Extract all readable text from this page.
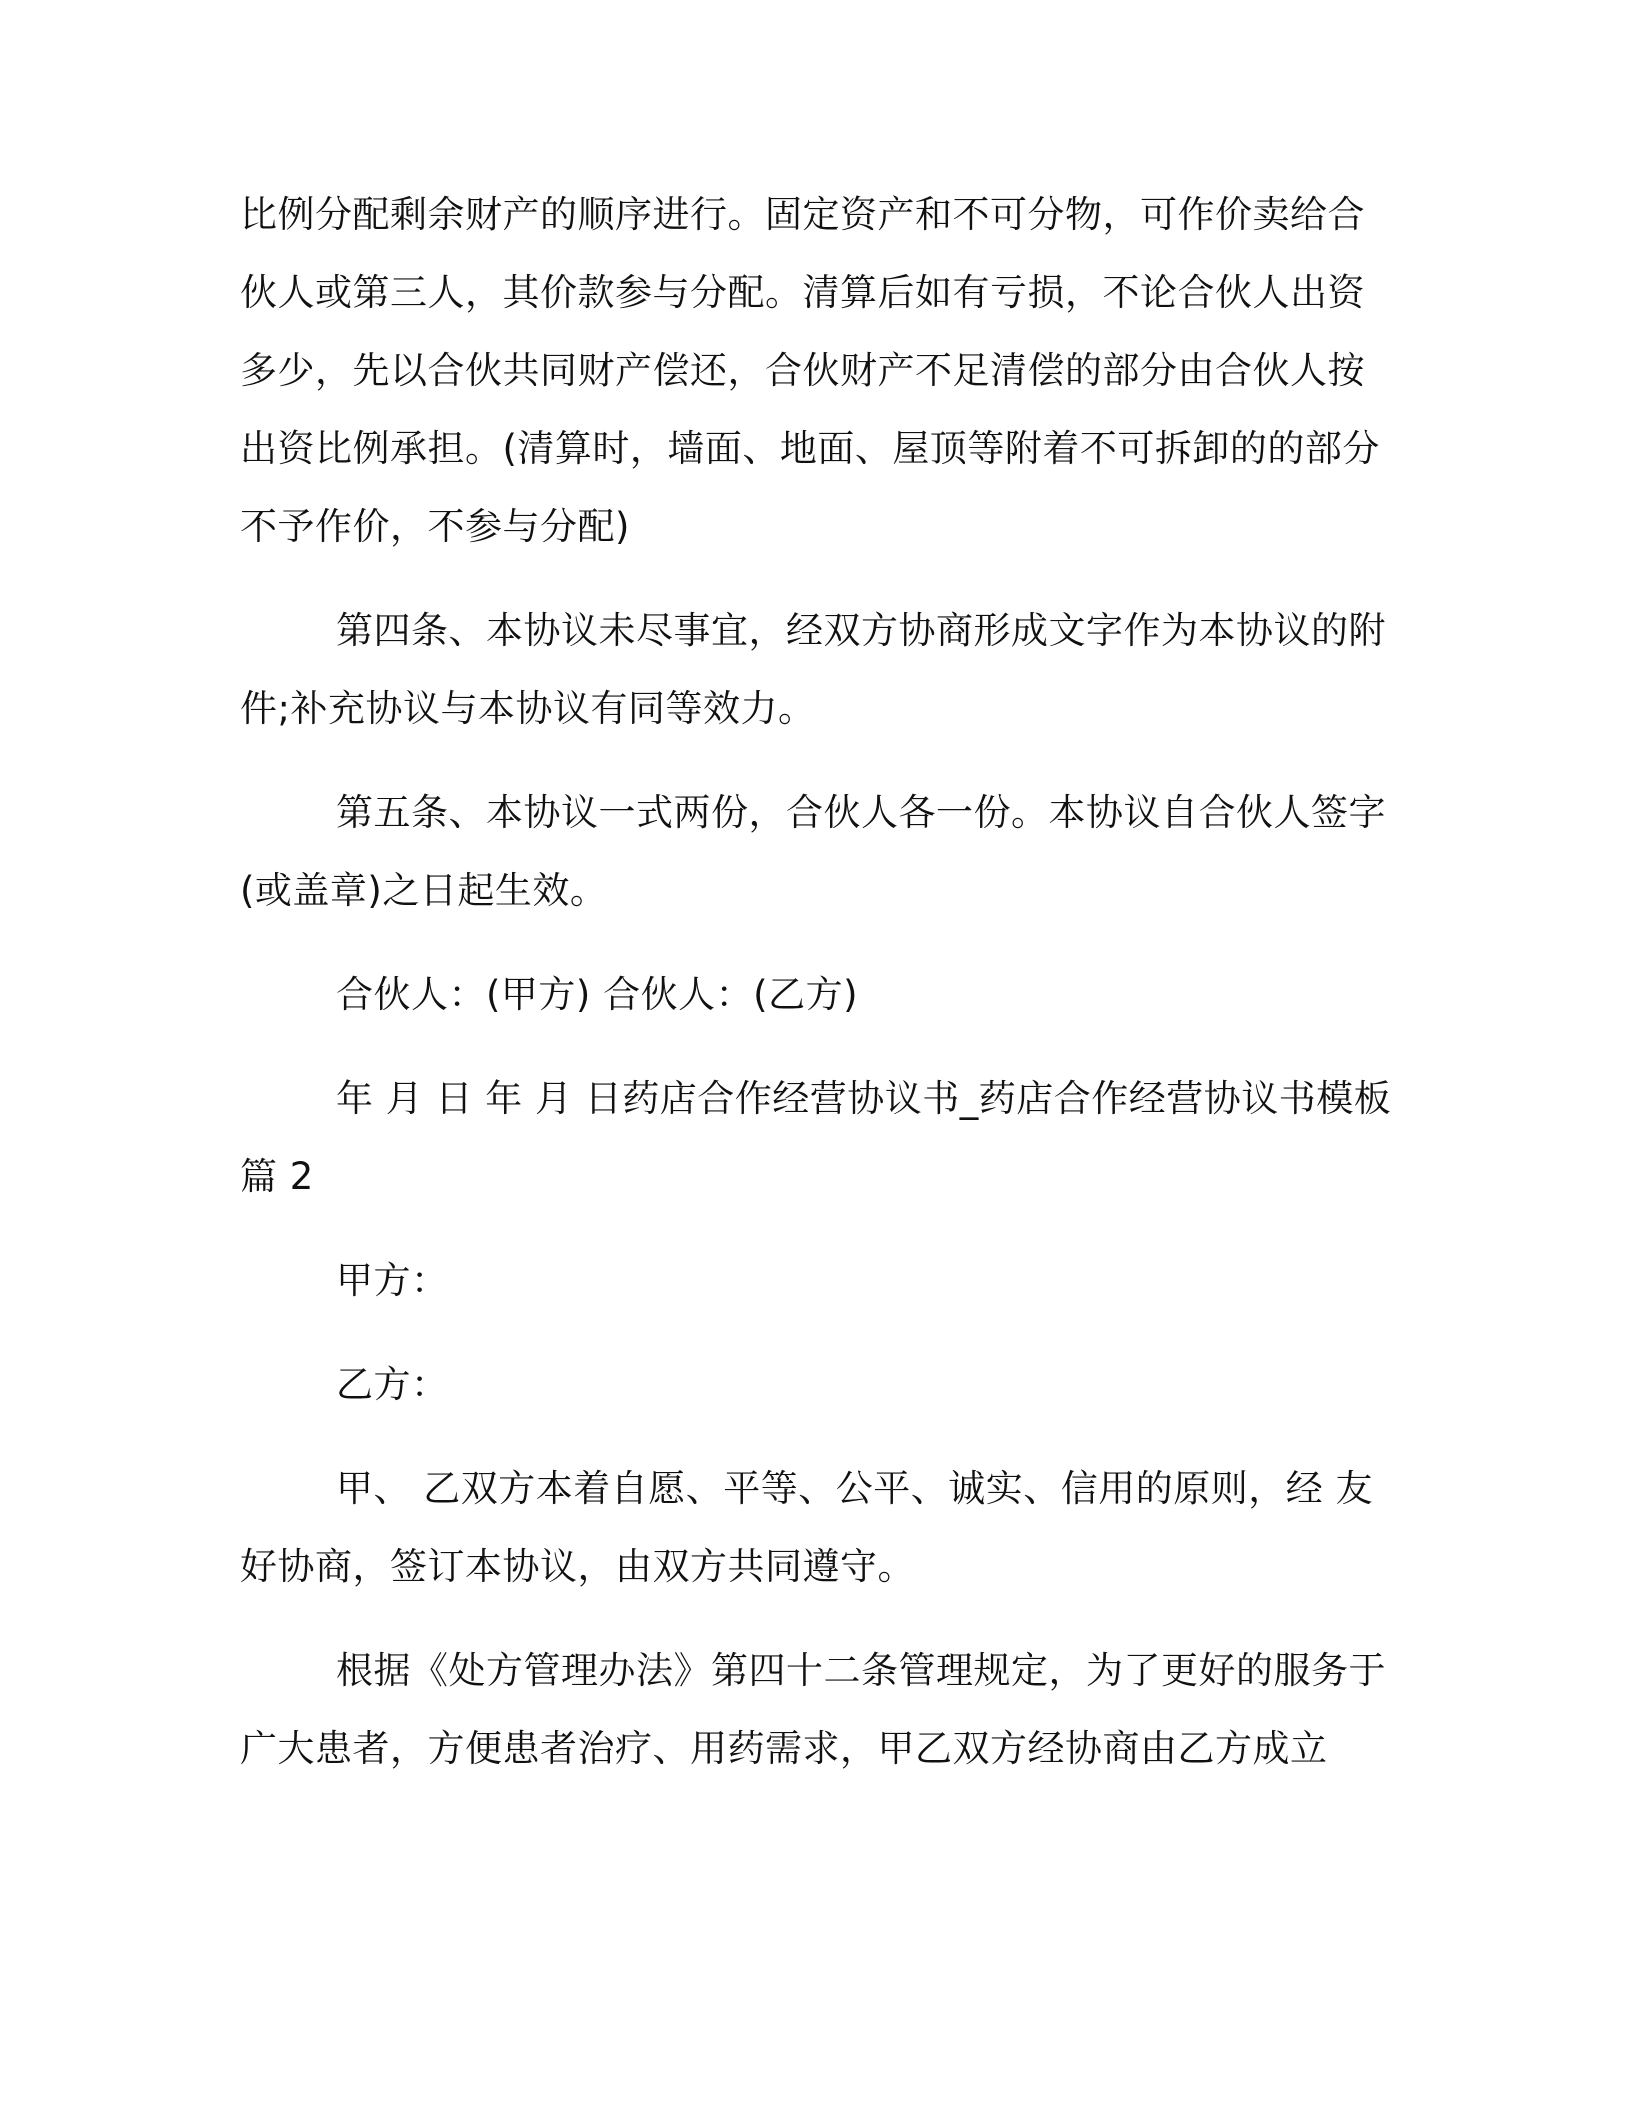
比例分配剩余财产的顺序进行。固定资产和不可分物，可作价卖给合
伙人或第三人，其价款参与分配。清算后如有亏损，不论合伙人出资
多少，先以合伙共同财产偿还，合伙财产不足清偿的部分由合伙人按
出资比例承担。(清算时，墙面、地面、屋顶等附着不可拆卸的的部分
不予作价，不参与分配)
第四条、本协议未尽事宜，经双方协商形成文字作为本协议的附
件;补充协议与本协议有同等效力。
第五条、本协议一式两份，合伙人各一份。本协议自合伙人签字
(或盖章)之日起生效。
合伙人：(甲方) 合伙人：(乙方)
年 月 日 年 月 日药店合作经营协议书_药店合作经营协议书模板
篇 2
甲方：
乙方：
甲、 乙双方本着自愿、平等、公平、诚实、信用的原则，经 友
好协商，签订本协议，由双方共同遵守。
根据《处方管理办法》第四十二条管理规定，为了更好的服务于
广大患者，方便患者治疗、用药需求，甲乙双方经协商由乙方成立
